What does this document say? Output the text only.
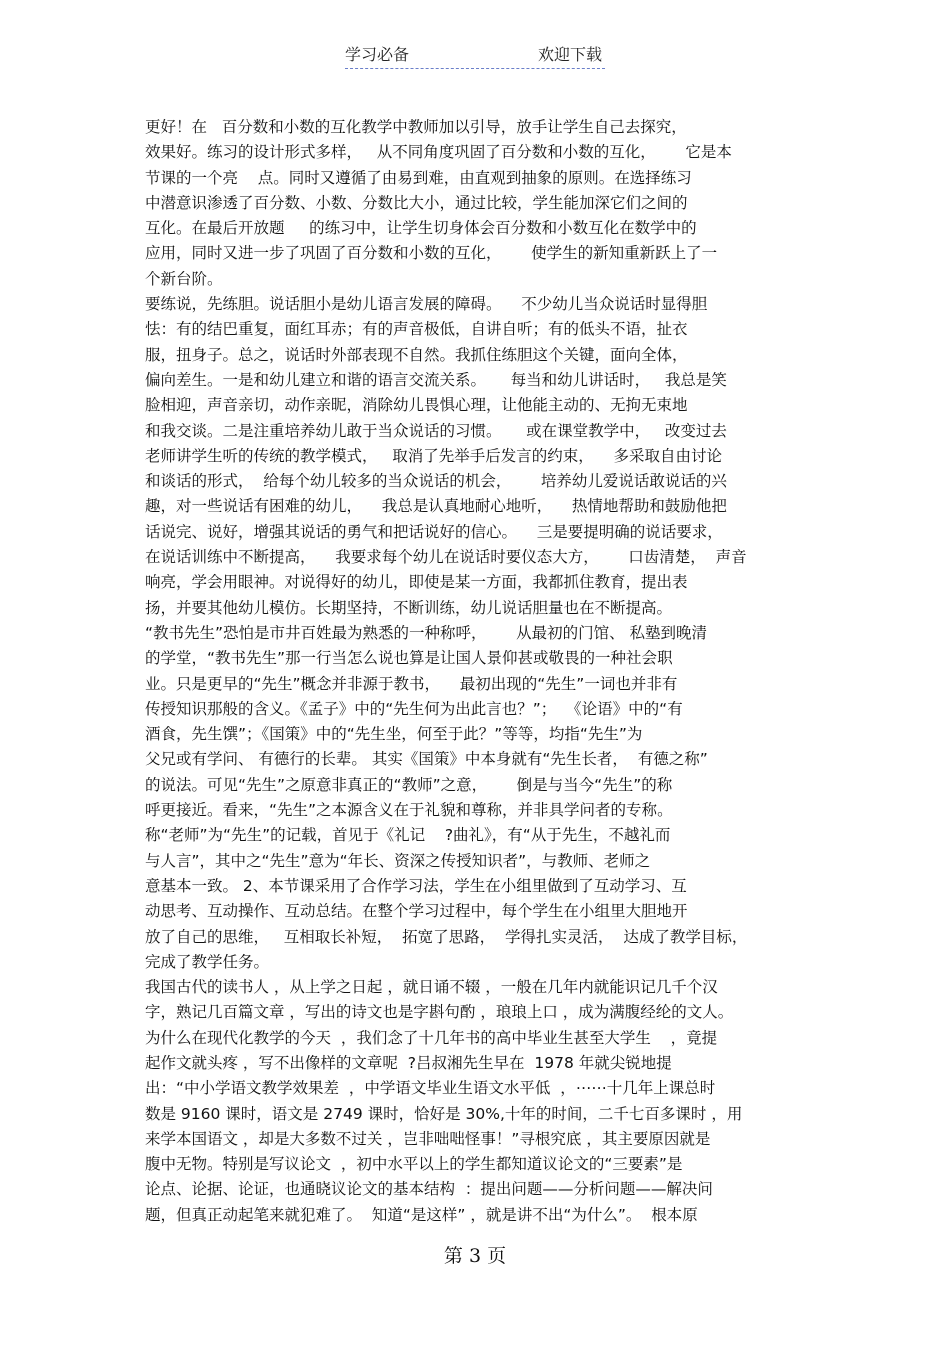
学习必备	欢迎下载
更好！在   百分数和小数的互化教学中教师加以引导，放手让学生自己去探究，
效果好。练习的设计形式多样，   从不同角度巩固了百分数和小数的互化，      它是本
节课的一个亮    点。同时又遵循了由易到难，由直观到抽象的原则。在选择练习
中潜意识渗透了百分数、小数、分数比大小，通过比较，学生能加深它们之间的
互化。在最后开放题     的练习中，让学生切身体会百分数和小数互化在数学中的
应用，同时又进一步了巩固了百分数和小数的互化，      使学生的新知重新跃上了一
个新台阶。
要练说，先练胆。说话胆小是幼儿语言发展的障碍。    不少幼儿当众说话时显得胆
怯：有的结巴重复，面红耳赤；有的声音极低，自讲自听；有的低头不语，扯衣
服，扭身子。总之，说话时外部表现不自然。我抓住练胆这个关键，面向全体，
偏向差生。一是和幼儿建立和谐的语言交流关系。     每当和幼儿讲话时，   我总是笑
脸相迎，声音亲切，动作亲昵，消除幼儿畏惧心理，让他能主动的、无拘无束地
和我交谈。二是注重培养幼儿敢于当众说话的习惯。     或在课堂教学中，   改变过去
老师讲学生听的传统的教学模式，   取消了先举手后发言的约束，    多采取自由讨论
和谈话的形式，  给每个幼儿较多的当众说话的机会，      培养幼儿爱说话敢说话的兴
趣，对一些说话有困难的幼儿，    我总是认真地耐心地听，    热情地帮助和鼓励他把
话说完、说好，增强其说话的勇气和把话说好的信心。    三是要提明确的说话要求，
在说话训练中不断提高，    我要求每个幼儿在说话时要仪态大方，      口齿清楚，  声音
响亮，学会用眼神。对说得好的幼儿，即使是某一方面，我都抓住教育，提出表
扬，并要其他幼儿模仿。长期坚持，不断训练，幼儿说话胆量也在不断提高。
“教书先生”恐怕是市井百姓最为熟悉的一种称呼，      从最初的门馆、 私塾到晚清
的学堂，“教书先生”那一行当怎么说也算是让国人景仰甚或敬畏的一种社会职
业。只是更早的“先生”概念并非源于教书，    最初出现的“先生”一词也并非有
传授知识那般的含义。《孟子》中的“先生何为出此言也？”；  《论语》中的“有
酒食，先生馔”；《国策》中的“先生坐，何至于此？”等等，均指“先生”为
父兄或有学问、 有德行的长辈。 其实《国策》中本身就有“先生长者，  有德之称”
的说法。可见“先生”之原意非真正的“教师”之意，      倒是与当今“先生”的称
呼更接近。看来，“先生”之本源含义在于礼貌和尊称，并非具学问者的专称。
称“老师”为“先生”的记载，首见于《礼记    ?曲礼》，有“从于先生，不越礼而
与人言”，其中之“先生”意为“年长、资深之传授知识者”，与教师、老师之
意基本一致。 2、本节课采用了合作学习法，学生在小组里做到了互动学习、互
动思考、互动操作、互动总结。在整个学习过程中，每个学生在小组里大胆地开
放了自己的思维，   互相取长补短，  拓宽了思路，  学得扎实灵活，  达成了教学目标，
完成了教学任务。
我国古代的读书人 ，从上学之日起 ，就日诵不辍 ，一般在几年内就能识记几千个汉
字，熟记几百篇文章 ，写出的诗文也是字斟句酌 ，琅琅上口 ，成为满腹经纶的文人。
为什么在现代化教学的今天  ，我们念了十几年书的高中毕业生甚至大学生    ，竟提
起作文就头疼 ，写不出像样的文章呢  ?吕叔湘先生早在  1978 年就尖锐地提
出：“中小学语文教学效果差  ，中学语文毕业生语文水平低  ，⋯⋯十几年上课总时
数是 9160 课时，语文是 2749 课时，恰好是 30%,十年的时间，二千七百多课时 ，用
来学本国语文 ，却是大多数不过关 ，岂非咄咄怪事！”寻根究底 ，其主要原因就是
腹中无物。特别是写议论文  ，初中水平以上的学生都知道议论文的“三要素”是
论点、论据、论证，也通晓议论文的基本结构  ：提出问题——分析问题——解决问
题，但真正动起笔来就犯难了。  知道“是这样” ，就是讲不出“为什么”。  根本原
第 3 页
